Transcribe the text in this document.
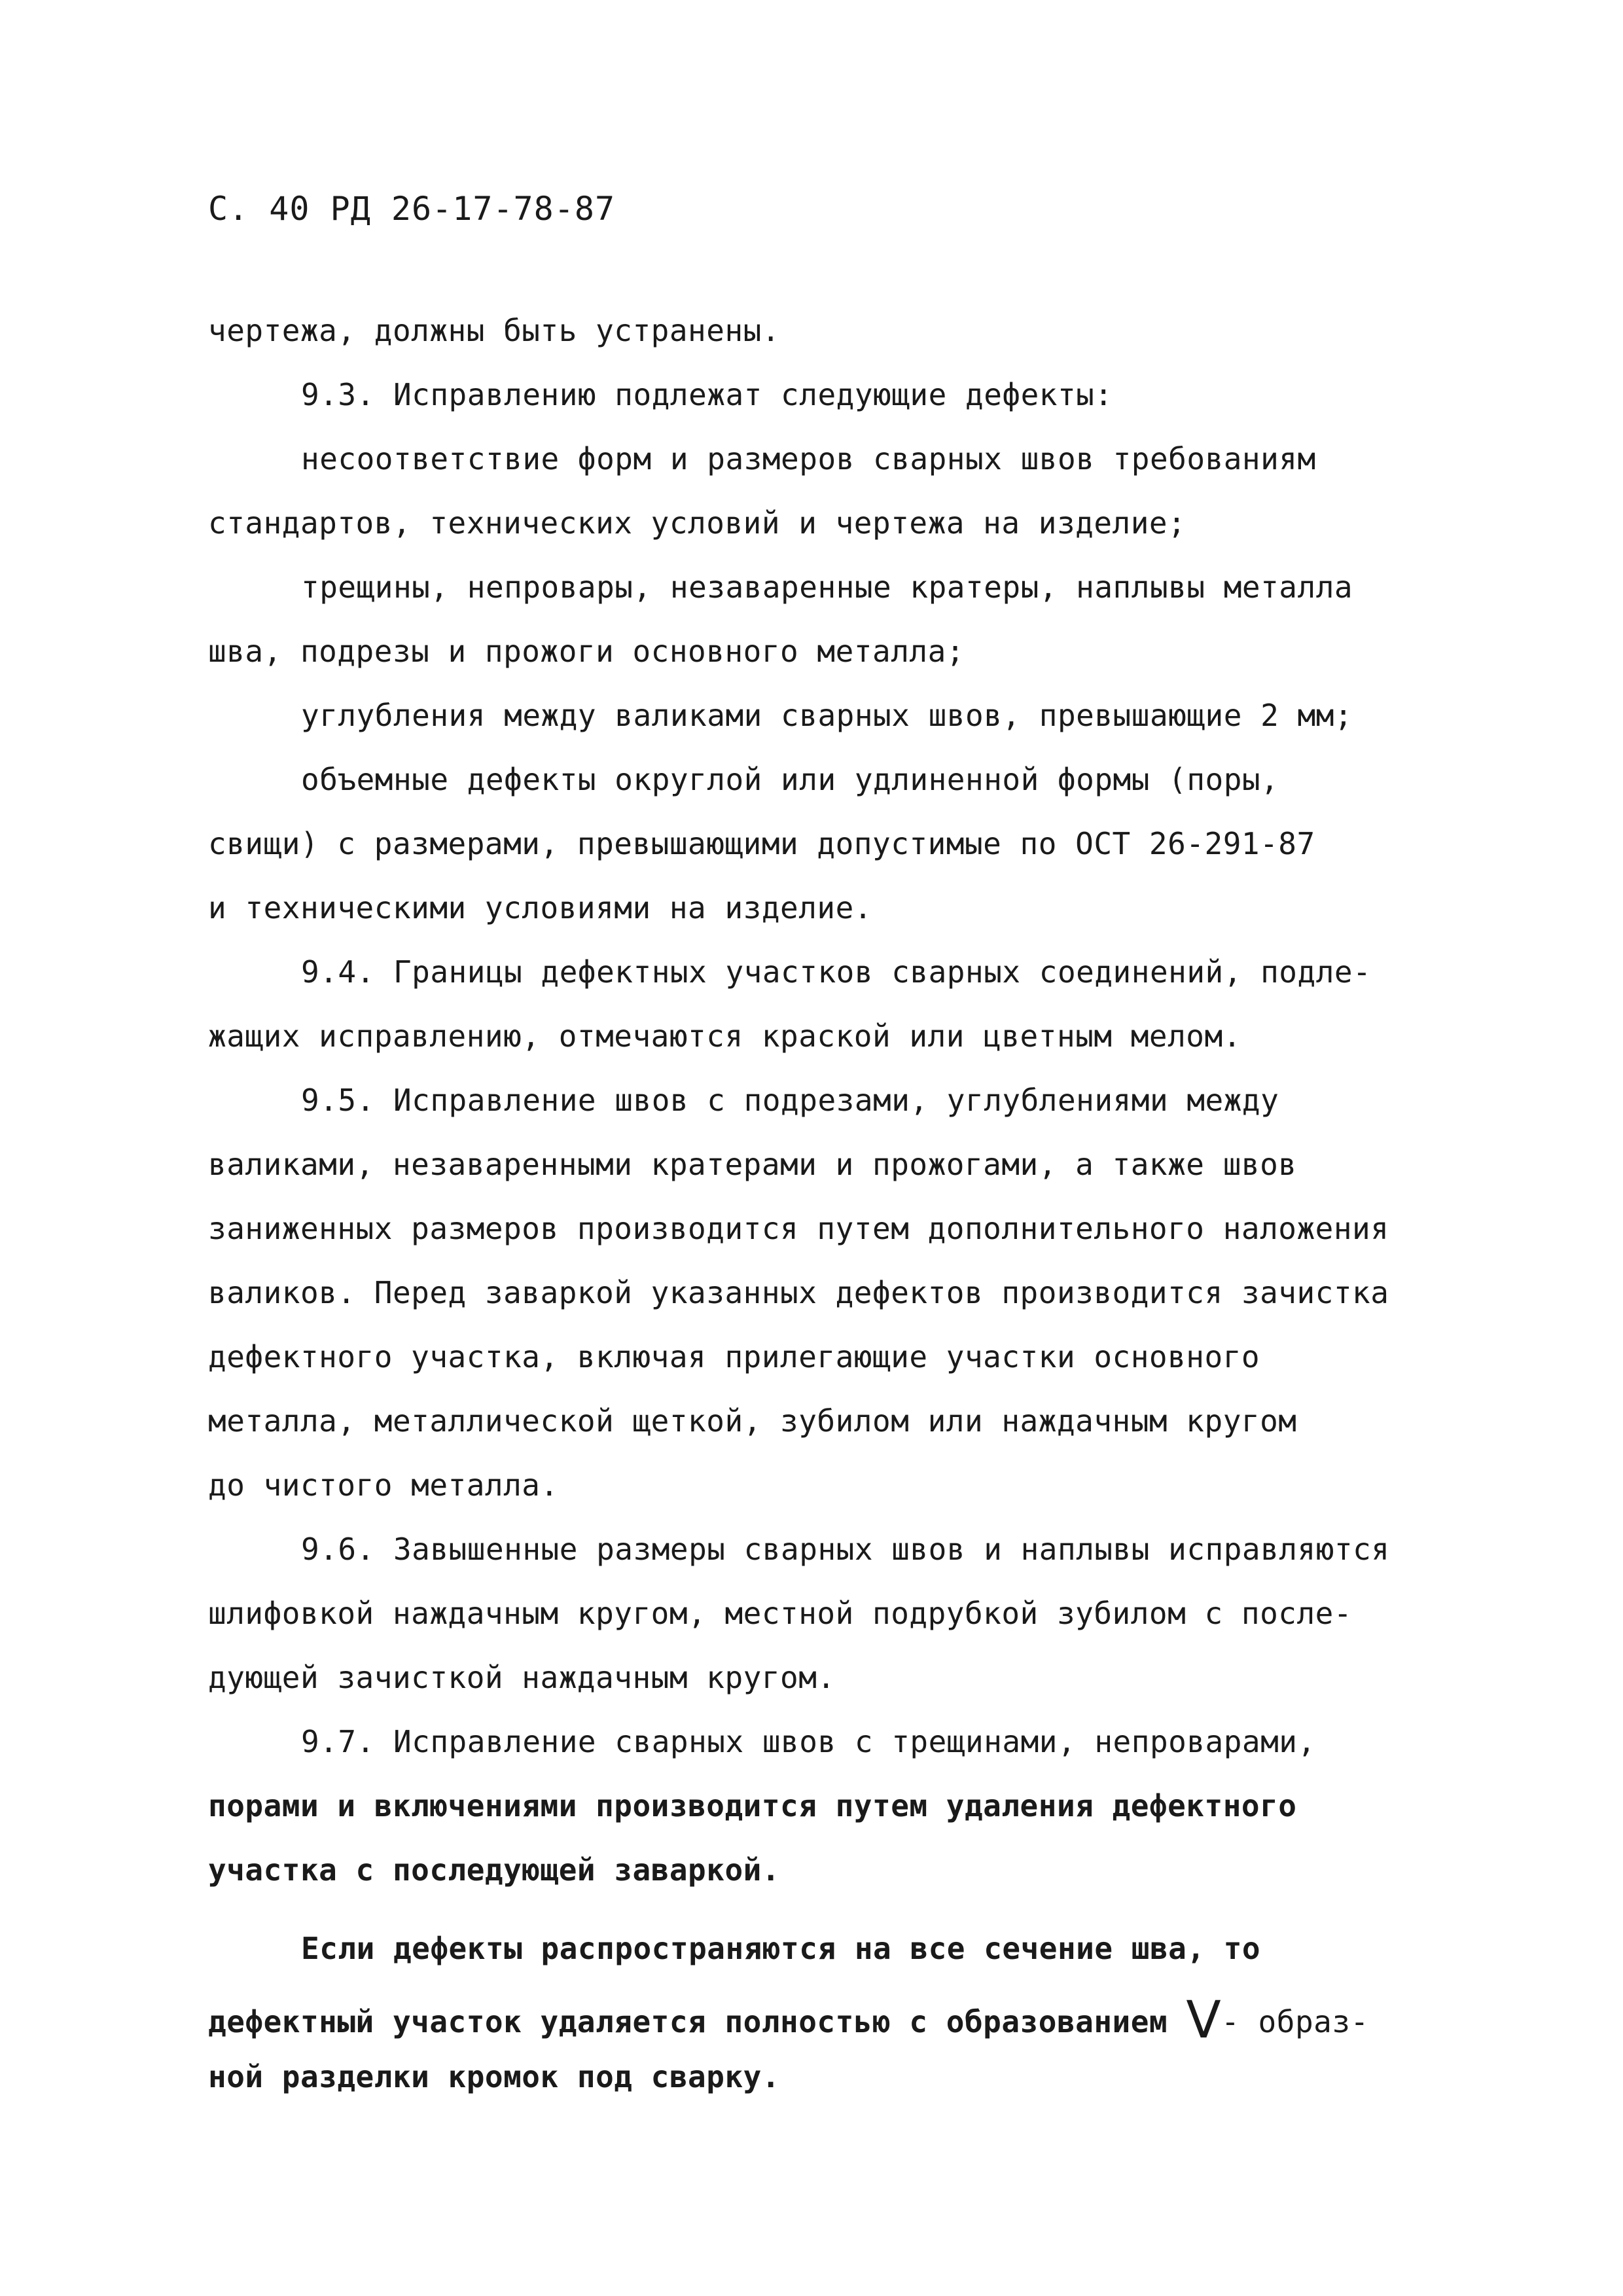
С. 40 РД 26-17-78-87
чертежа, должны быть устранены.
9.3. Исправлению подлежат следующие дефекты:
несоответствие форм и размеров сварных швов требованиям
стандартов, технических условий и чертежа на изделие;
трещины, непровары, незаваренные кратеры, наплывы металла
шва, подрезы и прожоги основного металла;
углубления между валиками сварных швов, превышающие 2 мм;
объемные дефекты округлой или удлиненной формы (поры,
свищи) с размерами, превышающими допустимые по ОСТ 26-291-87
и техническими условиями на изделие.
9.4. Границы дефектных участков сварных соединений, подле-
жащих исправлению, отмечаются краской или цветным мелом.
9.5. Исправление швов с подрезами, углублениями между
валиками, незаваренными кратерами и прожогами, а также швов
заниженных размеров производится путем дополнительного наложения
валиков. Перед заваркой указанных дефектов производится зачистка
дефектного участка, включая прилегающие участки основного
металла, металлической щеткой, зубилом или наждачным кругом
до чистого металла.
9.6. Завышенные размеры сварных швов и наплывы исправляются
шлифовкой наждачным кругом, местной подрубкой зубилом с после-
дующей зачисткой наждачным кругом.
9.7. Исправление сварных швов с трещинами, непроварами,
порами и включениями производится путем удаления дефектного
участка с последующей заваркой.
Если дефекты распространяются на все сечение шва, то
дефектный участок удаляется полностью с образованием V- образ-
ной разделки кромок под сварку.
